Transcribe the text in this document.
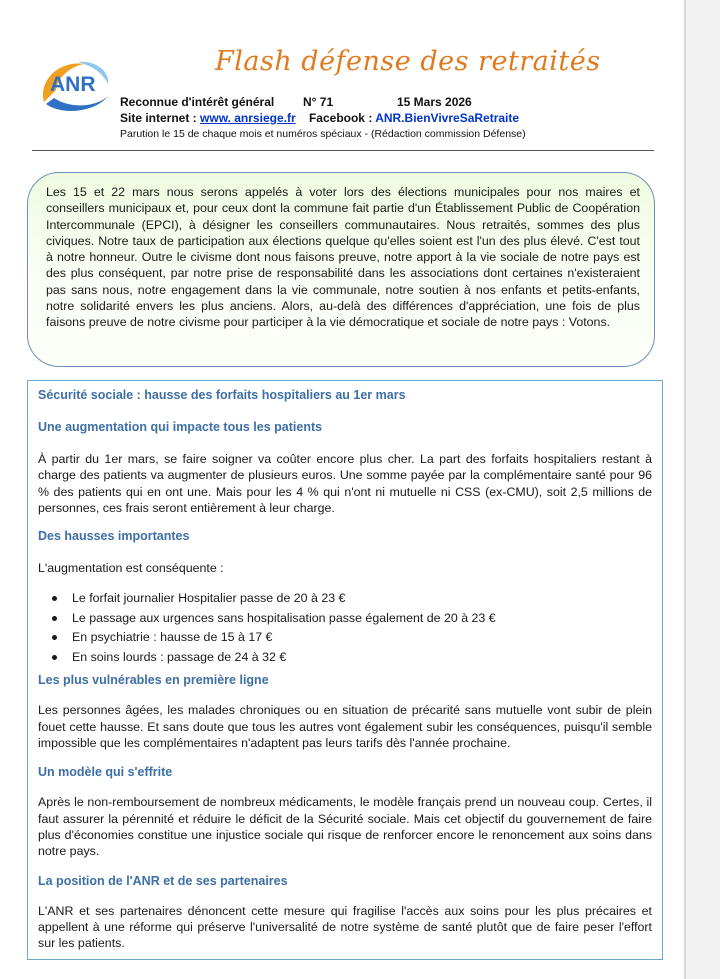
ANR
Flash défense des retraités
Reconnue d'intérêt général N° 71	15 Mars 2026
Site internet : www. anrsiege.fr Facebook : ANR.BienVivreSaRetraite
Parution le 15 de chaque mois et numéros spéciaux - (Rédaction commission Défense)

Les 15 et 22 mars nous serons appelés à voter lors des élections municipales pour nos maires et conseillers municipaux et, pour ceux dont la commune fait partie d'un Établissement Public de Coopération Intercommunale (EPCI), à désigner les conseillers communautaires. Nous retraités, sommes des plus civiques. Notre taux de participation aux élections quelque qu'elles soient est l'un des plus élevé. C'est tout à notre honneur. Outre le civisme dont nous faisons preuve, notre apport à la vie sociale de notre pays est des plus conséquent, par notre prise de responsabilité dans les associations dont certaines n'existeraient pas sans nous, notre engagement dans la vie communale, notre soutien à nos enfants et petits-enfants, notre solidarité envers les plus anciens. Alors, au-delà des différences d'appréciation, une fois de plus faisons preuve de notre civisme pour participer à la vie démocratique et sociale de notre pays : Votons.

Sécurité sociale : hausse des forfaits hospitaliers au 1er mars

Une augmentation qui impacte tous les patients

À partir du 1er mars, se faire soigner va coûter encore plus cher. La part des forfaits hospitaliers restant à charge des patients va augmenter de plusieurs euros. Une somme payée par la complémentaire santé pour 96 % des patients qui en ont une. Mais pour les 4 % qui n'ont ni mutuelle ni CSS (ex-CMU), soit 2,5 millions de personnes, ces frais seront entièrement à leur charge.

Des hausses importantes

L'augmentation est conséquente :

Le forfait journalier Hospitalier passe de 20 à 23 €
Le passage aux urgences sans hospitalisation passe également de 20 à 23 €
En psychiatrie : hausse de 15 à 17 €
En soins lourds : passage de 24 à 32 €

Les plus vulnérables en première ligne

Les personnes âgées, les malades chroniques ou en situation de précarité sans mutuelle vont subir de plein fouet cette hausse. Et sans doute que tous les autres vont également subir les conséquences, puisqu'il semble impossible que les complémentaires n'adaptent pas leurs tarifs dès l'année prochaine.

Un modèle qui s'effrite

Après le non-remboursement de nombreux médicaments, le modèle français prend un nouveau coup. Certes, il faut assurer la pérennité et réduire le déficit de la Sécurité sociale. Mais cet objectif du gouvernement de faire plus d'économies constitue une injustice sociale qui risque de renforcer encore le renoncement aux soins dans notre pays.

La position de l'ANR et de ses partenaires

L'ANR et ses partenaires dénoncent cette mesure qui fragilise l'accès aux soins pour les plus précaires et appellent à une réforme qui préserve l'universalité de notre système de santé plutôt que de faire peser l'effort sur les patients.
